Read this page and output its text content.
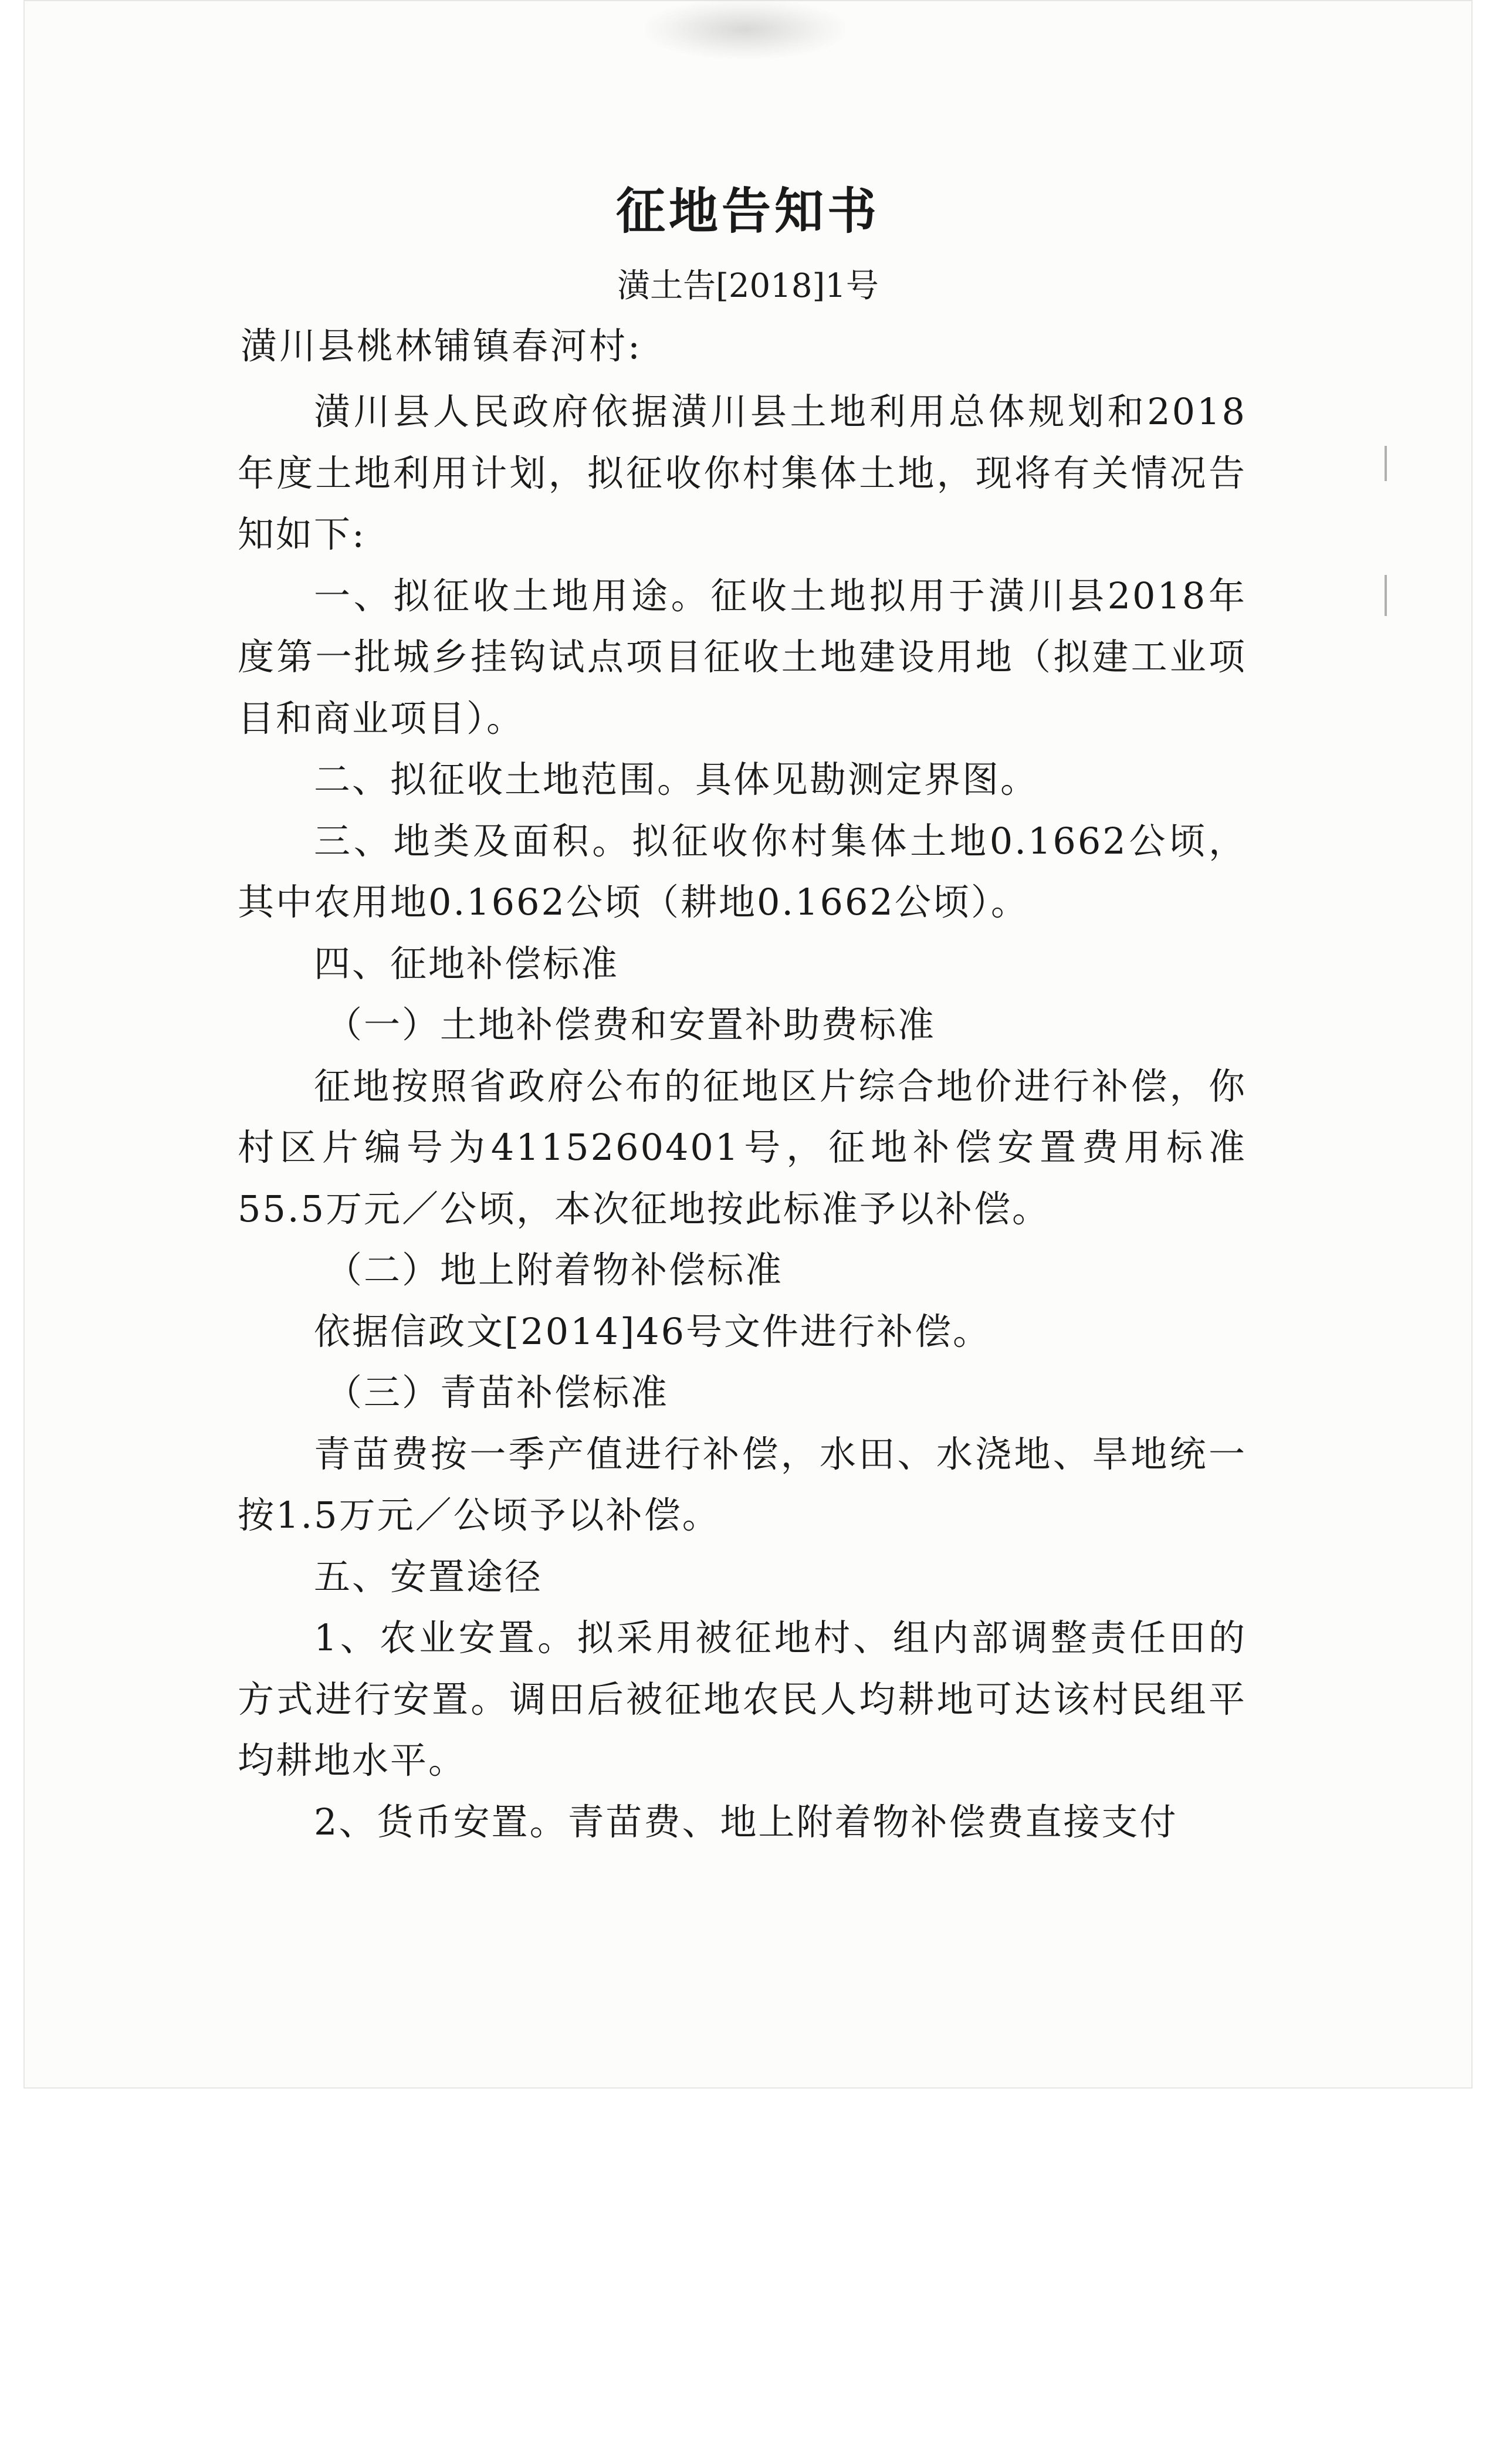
征地告知书
潢土告[2018]1号
潢川县桃林铺镇春河村:

潢川县人民政府依据潢川县土地利用总体规划和2018年度土地利用计划，拟征收你村集体土地，现将有关情况告知如下:

一、拟征收土地用途。征收土地拟用于潢川县2018年度第一批城乡挂钩试点项目征收土地建设用地（拟建工业项目和商业项目）。

二、拟征收土地范围。具体见勘测定界图。

三、地类及面积。拟征收你村集体土地0.1662公顷，其中农用地0.1662公顷（耕地0.1662公顷）。

四、征地补偿标准

（一）土地补偿费和安置补助费标准

征地按照省政府公布的征地区片综合地价进行补偿，你村区片编号为4115260401号，征地补偿安置费用标准55.5万元／公顷，本次征地按此标准予以补偿。

（二）地上附着物补偿标准

依据信政文[2014]46号文件进行补偿。

（三）青苗补偿标准

青苗费按一季产值进行补偿，水田、水浇地、旱地统一按1.5万元／公顷予以补偿。

五、安置途径

1、农业安置。拟采用被征地村、组内部调整责任田的方式进行安置。调田后被征地农民人均耕地可达该村民组平均耕地水平。

2、货币安置。青苗费、地上附着物补偿费直接支付
